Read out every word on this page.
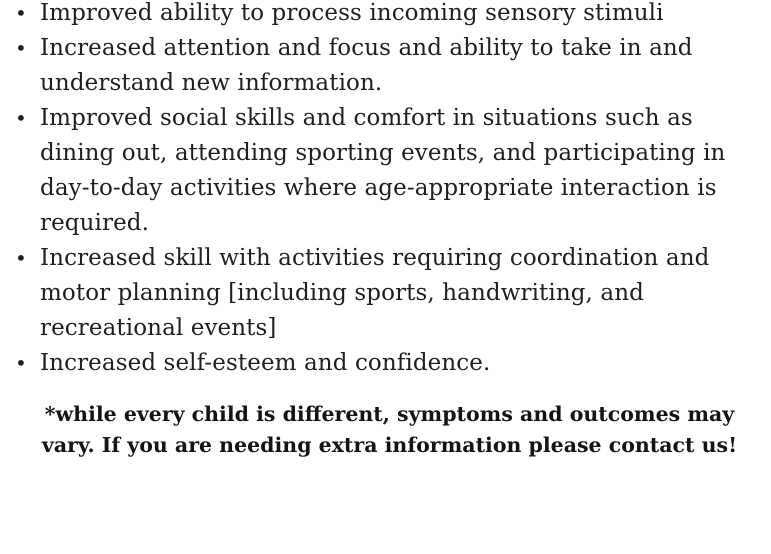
• Improved ability to process incoming sensory stimuli
• Increased attention and focus and ability to take in and understand new information.
• Improved social skills and comfort in situations such as dining out, attending sporting events, and participating in day-to-day activities where age-appropriate interaction is required.
• Increased skill with activities requiring coordination and motor planning [including sports, handwriting, and recreational events]
• Increased self-esteem and confidence.

*while every child is different, symptoms and outcomes may vary. If you are needing extra information please contact us!
